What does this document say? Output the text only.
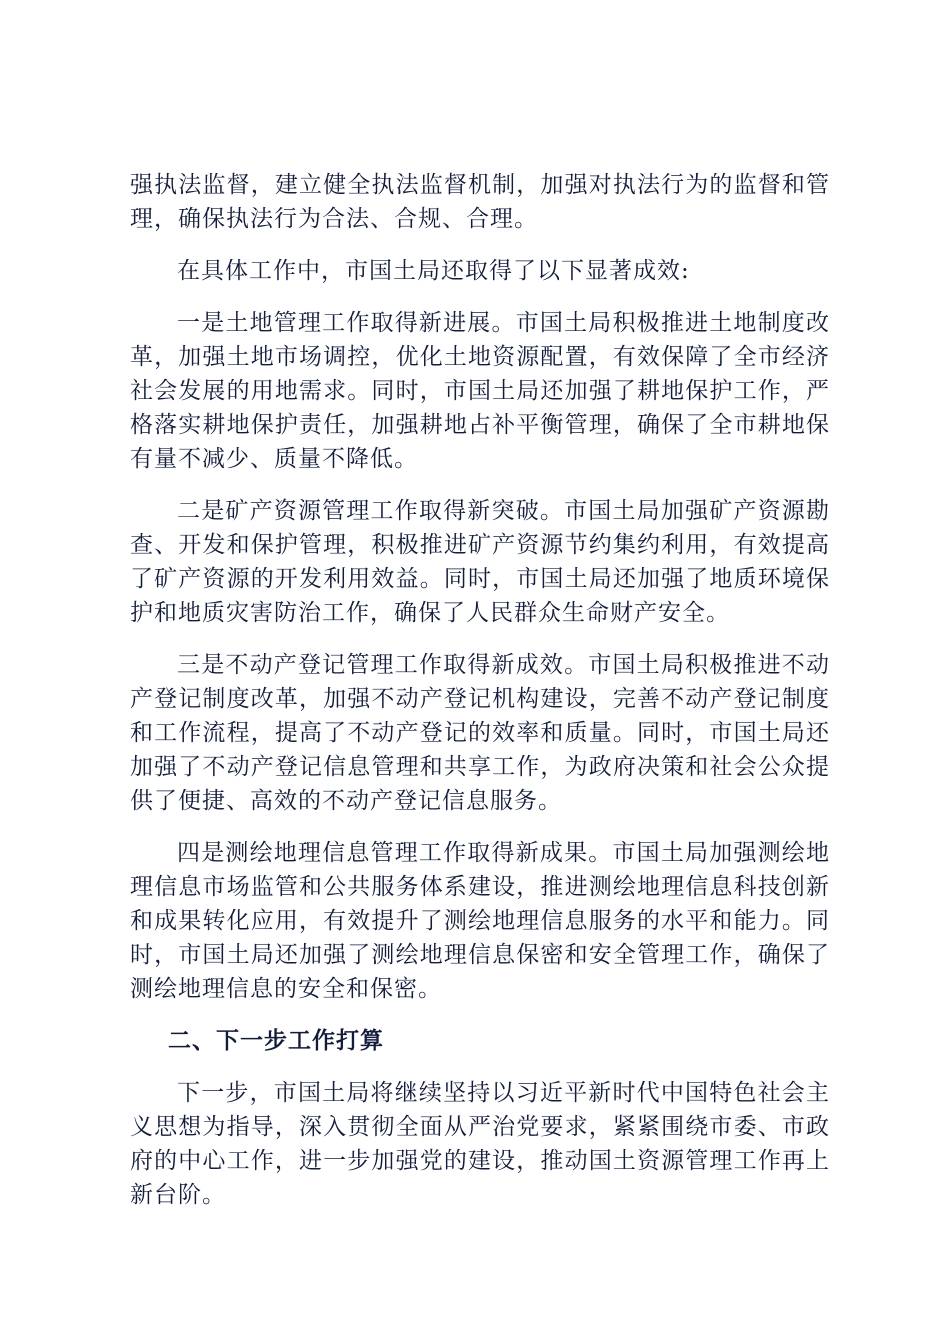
强执法监督，建立健全执法监督机制，加强对执法行为的监督和管理，确保执法行为合法、合规、合理。

在具体工作中，市国土局还取得了以下显著成效:

一是土地管理工作取得新进展。市国土局积极推进土地制度改革，加强土地市场调控，优化土地资源配置，有效保障了全市经济社会发展的用地需求。同时，市国土局还加强了耕地保护工作，严格落实耕地保护责任，加强耕地占补平衡管理，确保了全市耕地保有量不减少、质量不降低。

二是矿产资源管理工作取得新突破。市国土局加强矿产资源勘查、开发和保护管理，积极推进矿产资源节约集约利用，有效提高了矿产资源的开发利用效益。同时，市国土局还加强了地质环境保护和地质灾害防治工作，确保了人民群众生命财产安全。

三是不动产登记管理工作取得新成效。市国土局积极推进不动产登记制度改革，加强不动产登记机构建设，完善不动产登记制度和工作流程，提高了不动产登记的效率和质量。同时，市国土局还加强了不动产登记信息管理和共享工作，为政府决策和社会公众提供了便捷、高效的不动产登记信息服务。

四是测绘地理信息管理工作取得新成果。市国土局加强测绘地理信息市场监管和公共服务体系建设，推进测绘地理信息科技创新和成果转化应用，有效提升了测绘地理信息服务的水平和能力。同时，市国土局还加强了测绘地理信息保密和安全管理工作，确保了测绘地理信息的安全和保密。

二、下一步工作打算

下一步，市国土局将继续坚持以习近平新时代中国特色社会主义思想为指导，深入贯彻全面从严治党要求，紧紧围绕市委、市政府的中心工作，进一步加强党的建设，推动国土资源管理工作再上新台阶。
